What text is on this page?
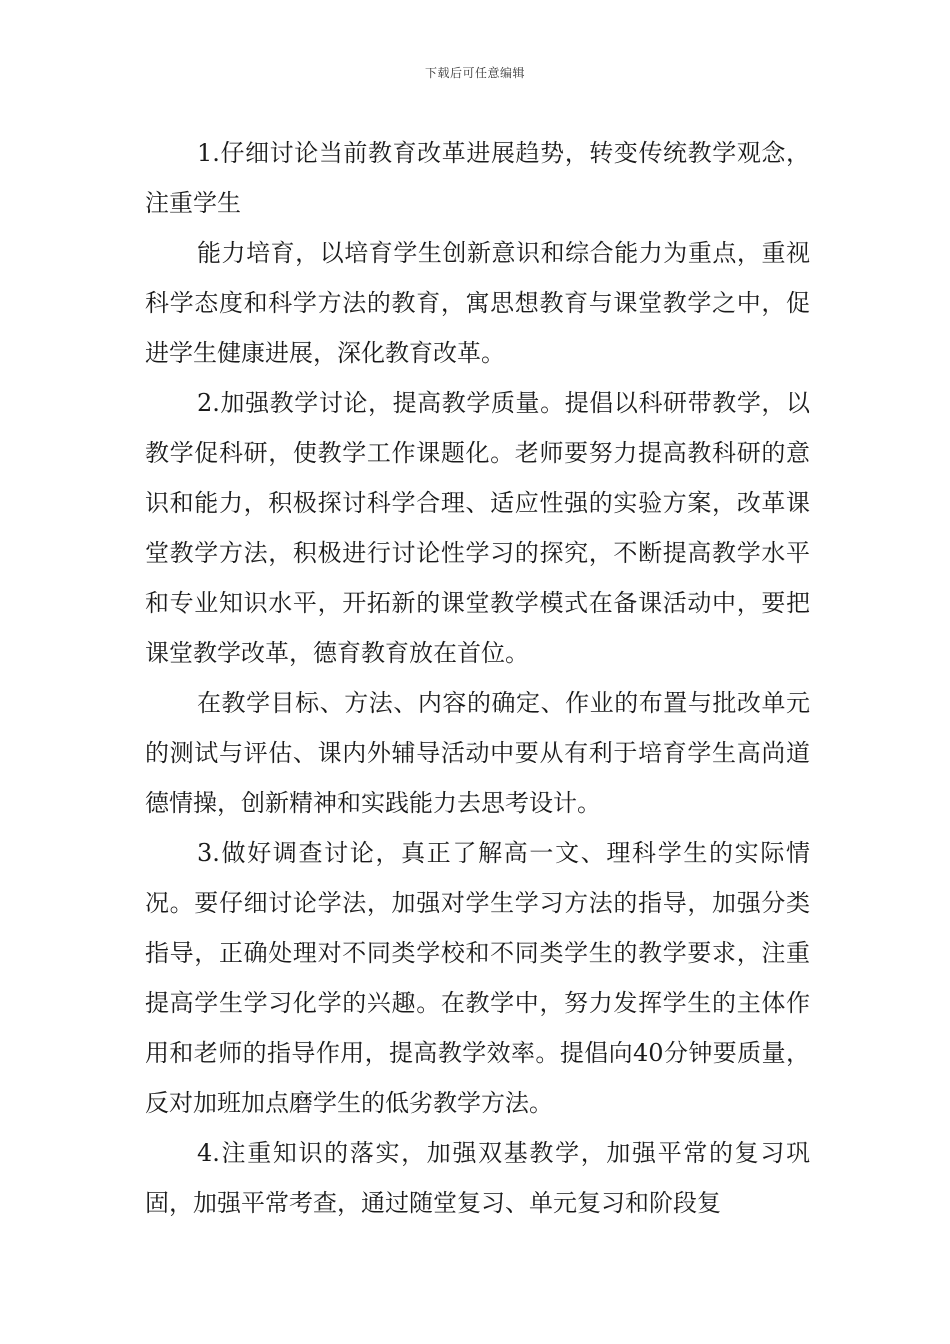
下载后可任意编辑

1.仔细讨论当前教育改革进展趋势，转变传统教学观念，注重学生

能力培育，以培育学生创新意识和综合能力为重点，重视科学态度和科学方法的教育，寓思想教育与课堂教学之中，促进学生健康进展，深化教育改革。

2.加强教学讨论，提高教学质量。提倡以科研带教学，以教学促科研，使教学工作课题化。老师要努力提高教科研的意识和能力，积极探讨科学合理、适应性强的实验方案，改革课堂教学方法，积极进行讨论性学习的探究，不断提高教学水平和专业知识水平，开拓新的课堂教学模式在备课活动中，要把课堂教学改革，德育教育放在首位。

在教学目标、方法、内容的确定、作业的布置与批改单元的测试与评估、课内外辅导活动中要从有利于培育学生高尚道德情操，创新精神和实践能力去思考设计。

3.做好调查讨论，真正了解高一文、理科学生的实际情况。要仔细讨论学法，加强对学生学习方法的指导，加强分类指导，正确处理对不同类学校和不同类学生的教学要求，注重提高学生学习化学的兴趣。在教学中，努力发挥学生的主体作用和老师的指导作用，提高教学效率。提倡向40分钟要质量，反对加班加点磨学生的低劣教学方法。

4.注重知识的落实，加强双基教学，加强平常的复习巩固，加强平常考查，通过随堂复习、单元复习和阶段复
